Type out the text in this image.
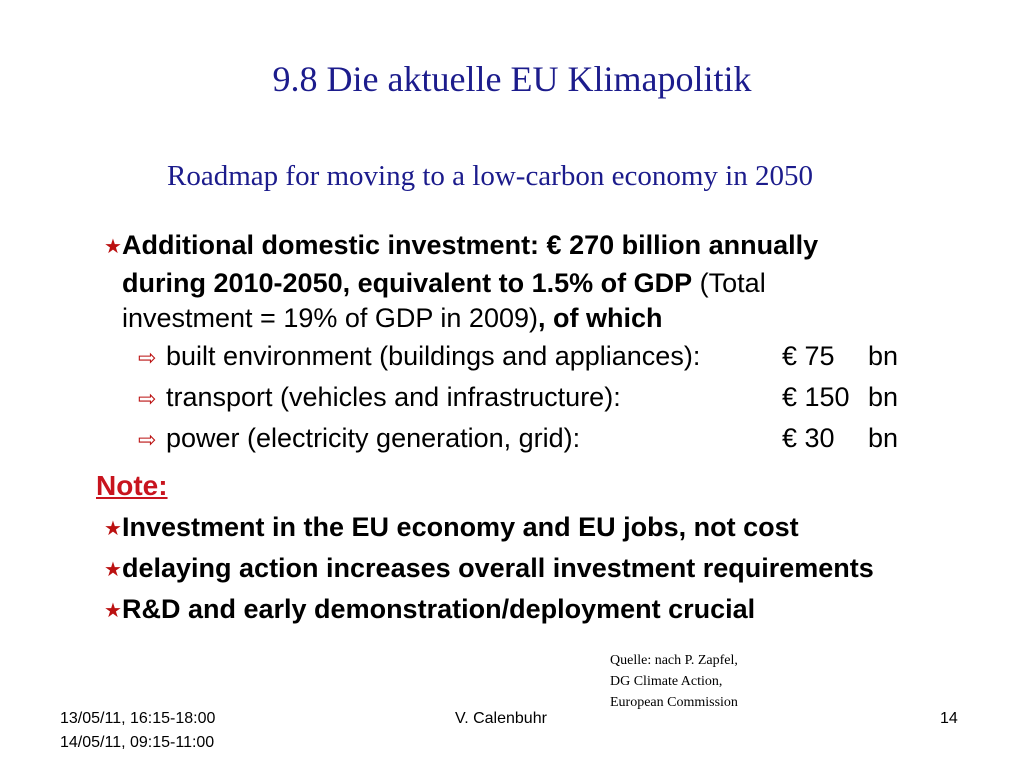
9.8 Die aktuelle EU Klimapolitik
Roadmap for moving to a low-carbon economy in 2050
★ Additional domestic investment: € 270 billion annually
during 2010-2050, equivalent to 1.5% of GDP (Total
investment = 19% of GDP in 2009), of which
⇨ built environment (buildings and appliances):	€ 75 bn
⇨ transport (vehicles and infrastructure):	€ 150 bn
⇨ power (electricity generation, grid):	€ 30 bn
Note:
★ Investment in the EU economy and EU jobs, not cost
★ delaying action increases overall investment requirements
★ R&D and early demonstration/deployment crucial
Quelle: nach P. Zapfel,
DG Climate Action,
European Commission
13/05/11, 16:15-18:00
14/05/11, 09:15-11:00
V. Calenbuhr	14
